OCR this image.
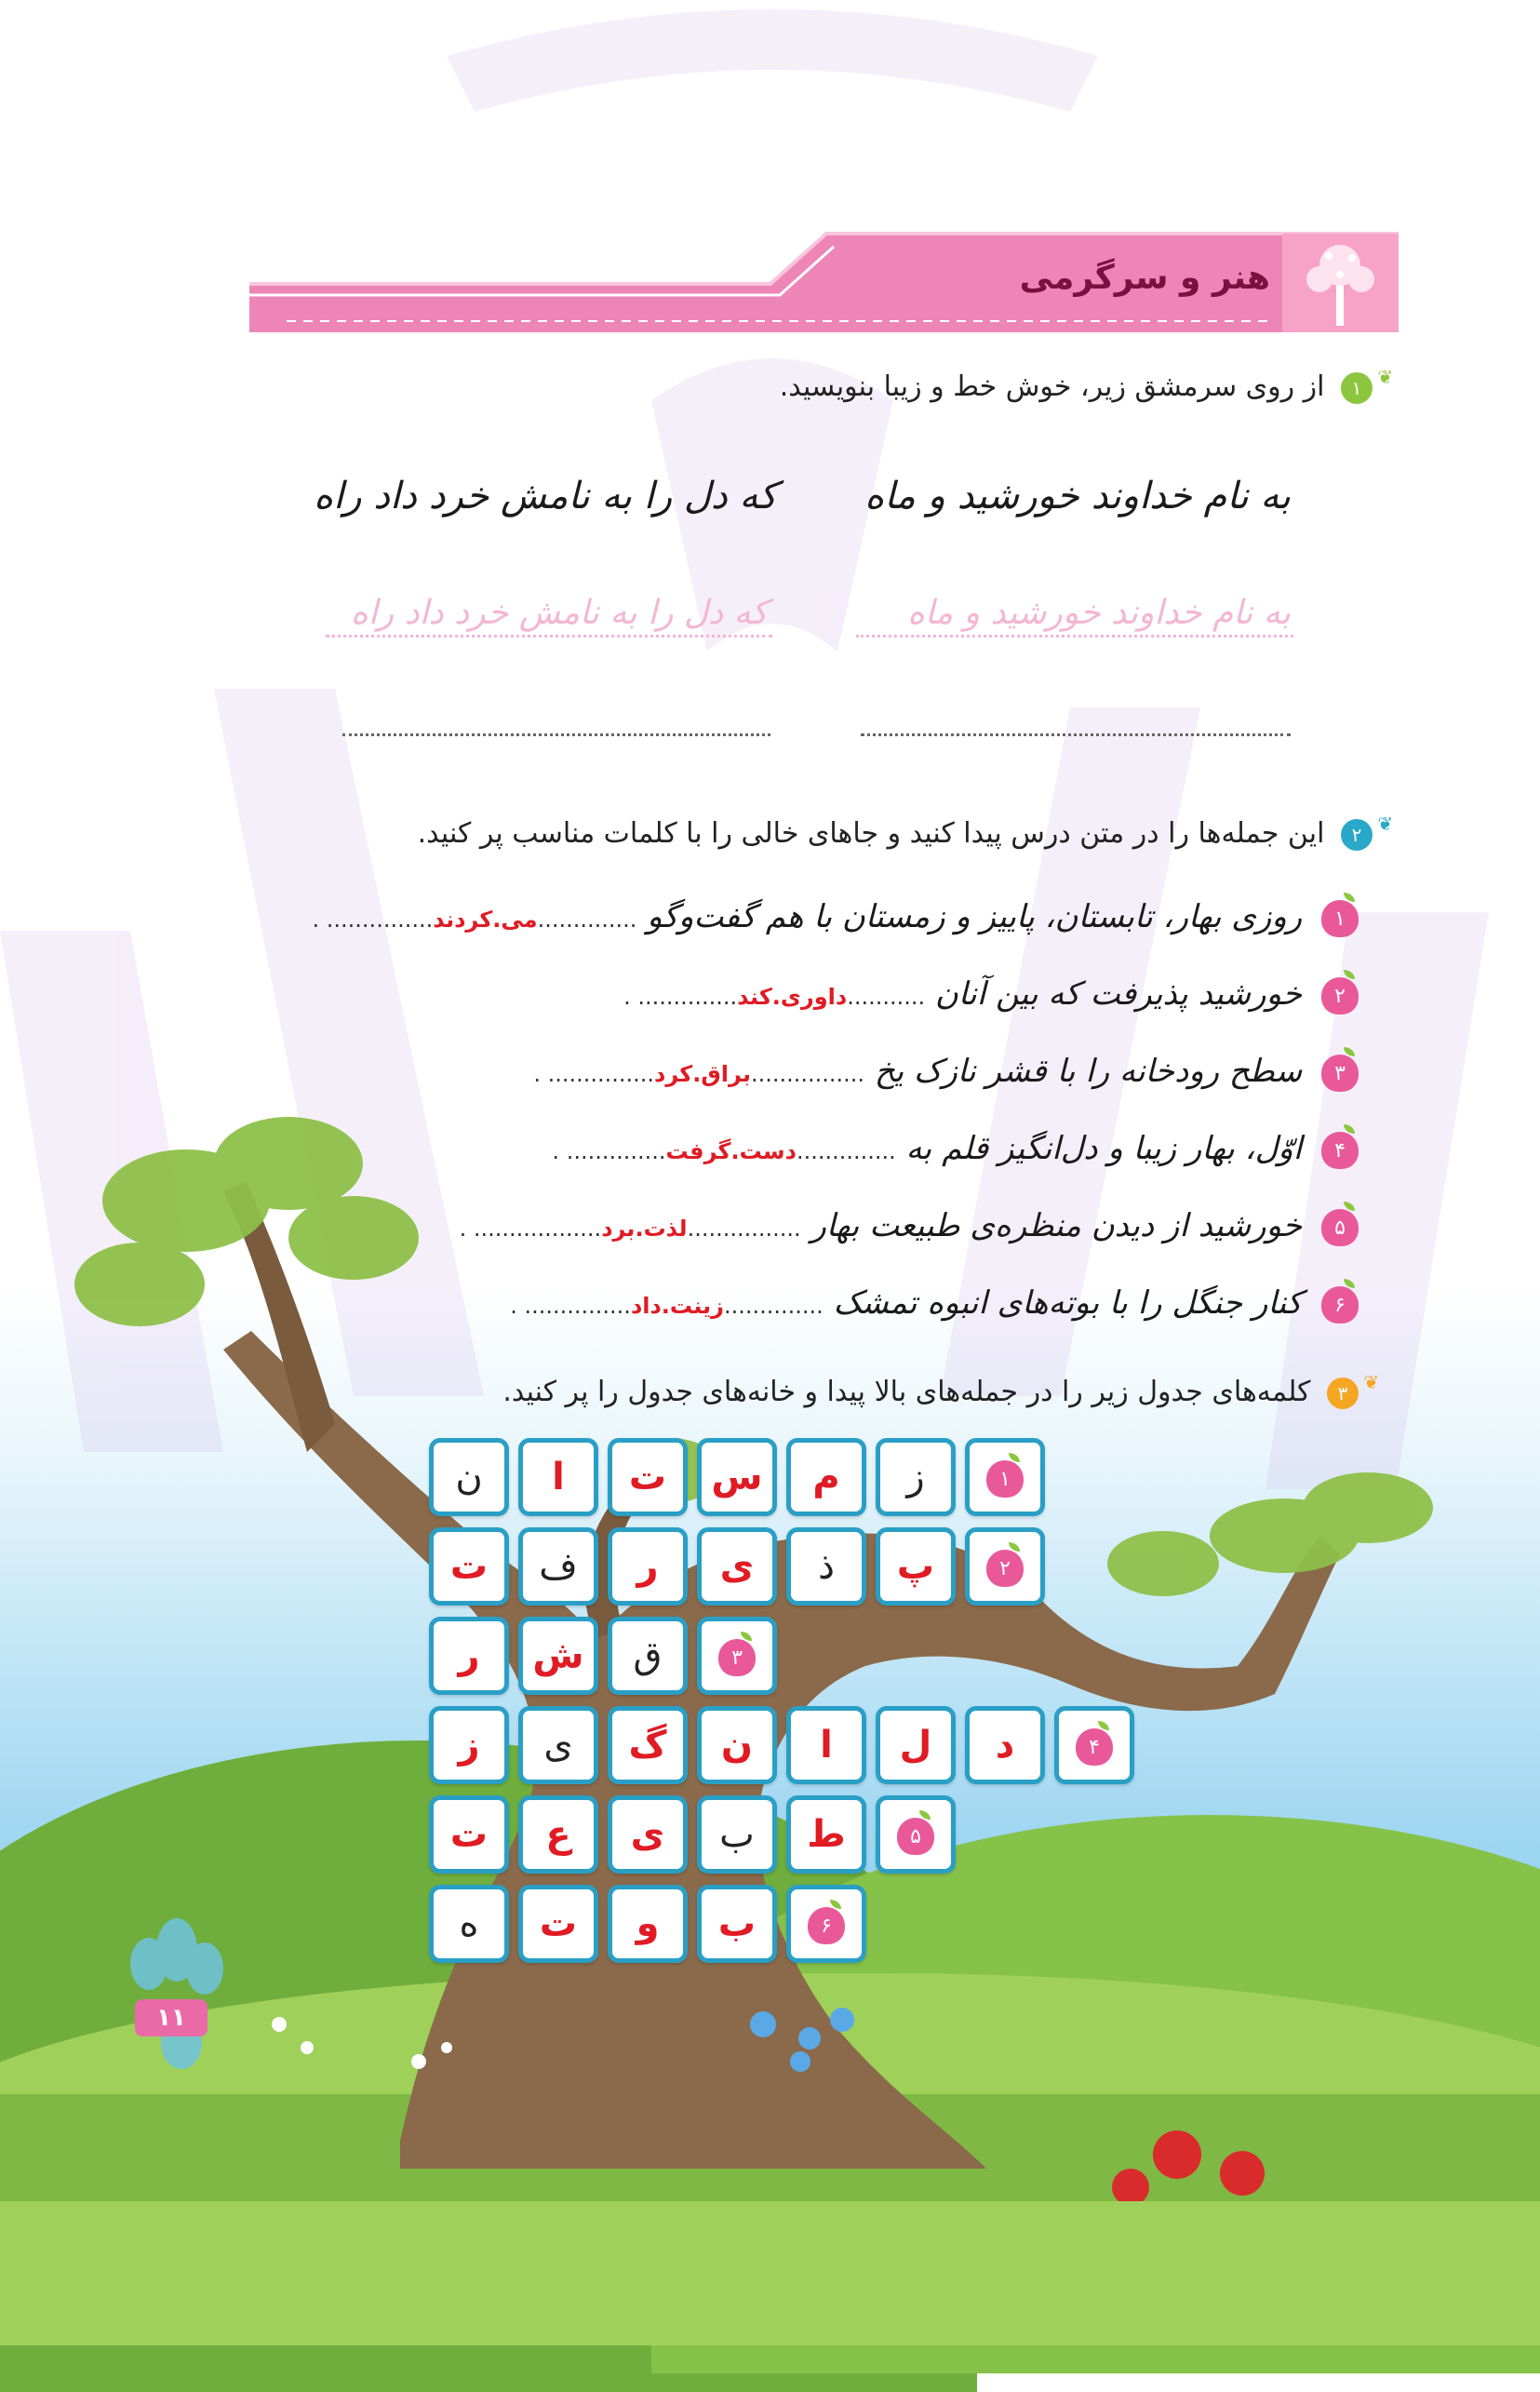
هنر و سرگرمی
۱ ❦
از روی سرمشق زیر، خوش خط و زیبا بنویسید.
به نام خداوند خورشید و ماه
که دل را به نامش خرد داد راه
به نام خداوند خورشید و ماه
که دل را به نامش خرد داد راه
۲ ❦
این جمله‌ها را در متن درس پیدا کنید و جاهای خالی را با کلمات مناسب پر کنید.
۱ روزی بهار، تابستان، پاییز و زمستان با هم گفت‌وگو ..............می.کردند............... .
۲ خورشید پذیرفت که بین آنان ...........داوری.کند.............. .
۳ سطح رودخانه را با قشر نازک یخ ................براق.کرد............... .
۴ اوّل، بهار زیبا و دل‌انگیز قلم به ..............دست.گرفت.............. .
۵ خورشید از دیدن منظره‌ی طبیعت بهار ................لذت.برد.................. .
۶ کنار جنگل را با بوته‌های انبوه تمشک ..............زینت.داد............... .
۳ ❦
کلمه‌های جدول زیر را در جمله‌های بالا پیدا و خانه‌های جدول را پر کنید.
۱
ز
م
س
ت
ا
ن
۲
پ
ذ
ی
ر
ف
ت
۳
ق
ش
ر
۴
د
ل
ا
ن
گ
ی
ز
۵
ط
ب
ی
ع
ت
۶
ب
و
ت
ه
۱۱
